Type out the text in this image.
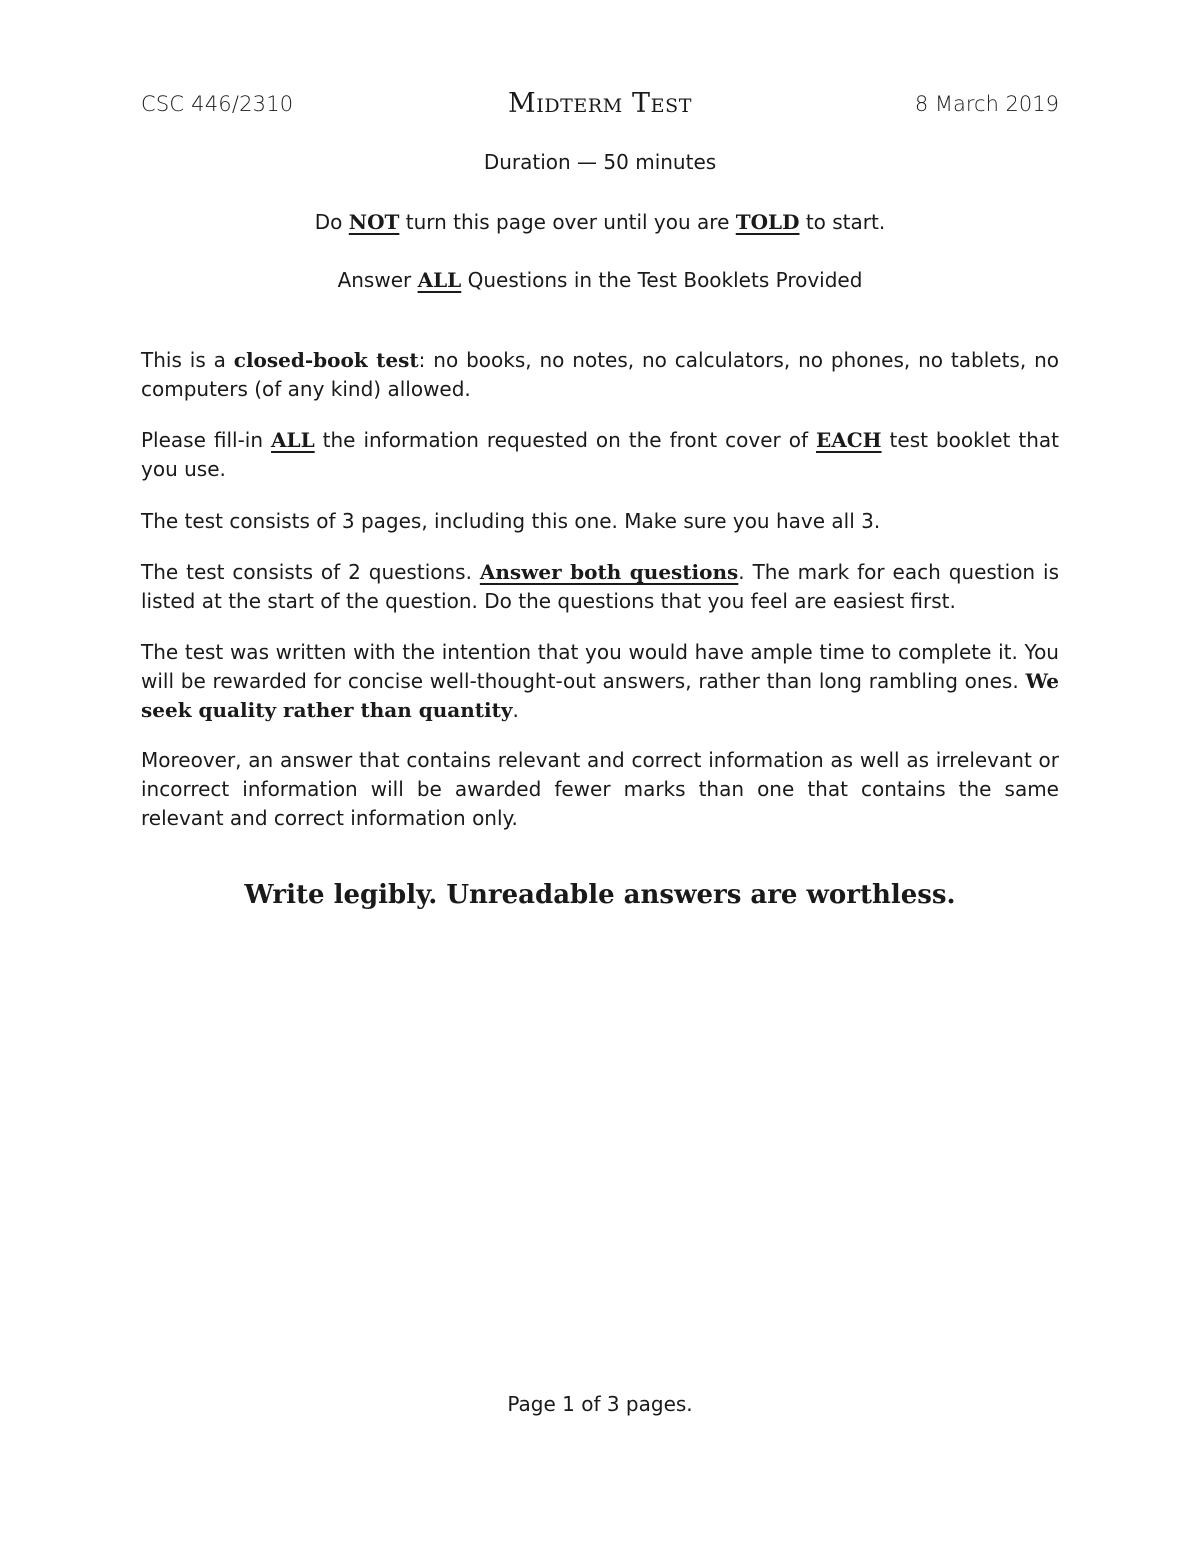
CSC 446/2310	Midterm Test	8 March 2019
Duration — 50 minutes
Do NOT turn this page over until you are TOLD to start.
Answer ALL Questions in the Test Booklets Provided
This is a closed-book test: no books, no notes, no calculators, no phones, no tablets, no computers (of any kind) allowed.
Please fill-in ALL the information requested on the front cover of EACH test booklet that you use.
The test consists of 3 pages, including this one. Make sure you have all 3.
The test consists of 2 questions. Answer both questions. The mark for each question is listed at the start of the question. Do the questions that you feel are easiest first.
The test was written with the intention that you would have ample time to complete it. You will be rewarded for concise well-thought-out answers, rather than long rambling ones. We seek quality rather than quantity.
Moreover, an answer that contains relevant and correct information as well as irrelevant or incorrect information will be awarded fewer marks than one that contains the same relevant and correct information only.
Write legibly. Unreadable answers are worthless.
Page 1 of 3 pages.
